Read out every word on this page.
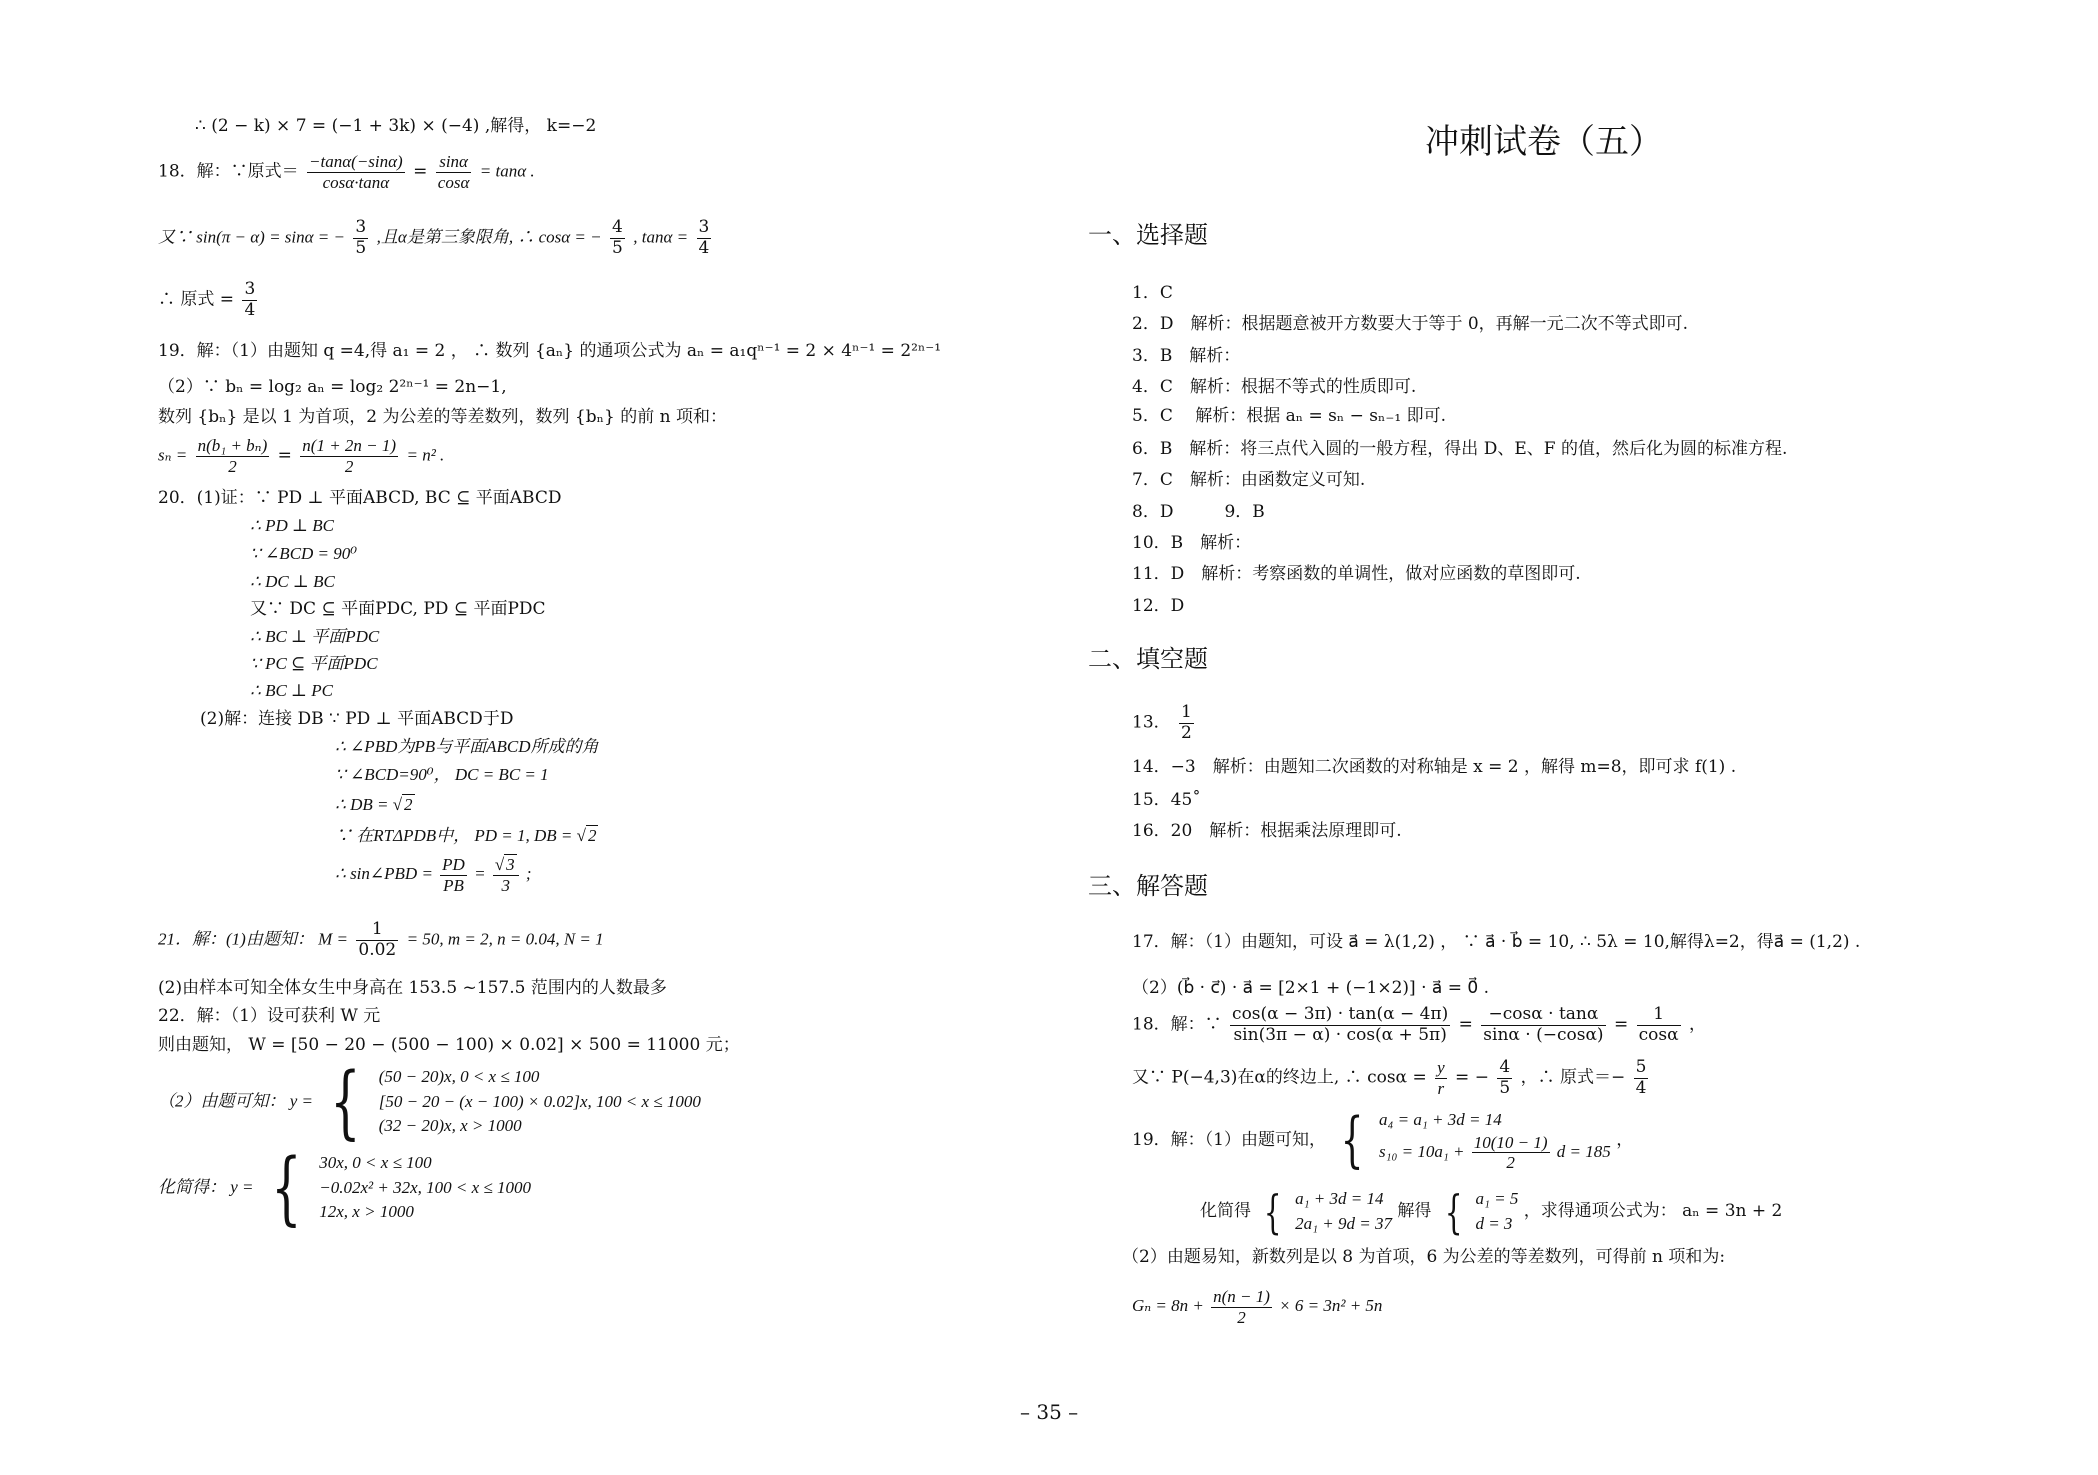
∴ (2 − k) × 7 = (−1 + 3k) × (−4) ,解得， k=−2
18．解：∵原式＝ $\frac{-\tan\alpha(-\sin\alpha)}{\cos\alpha\cdot\tan\alpha} = \frac{\sin\alpha}{\cos\alpha} = \tan\alpha$ .
又∵ sin(π − α) = sinα = − $\frac{3}{5}$ ,且α是第三象限角, ∴ cosα = − $\frac{4}{5}$ , $\tan\alpha = \frac{3}{4}$
∴ 原式 = $\frac{3}{4}$
19．解：（1）由题知 q =4,得 a₁ = 2 ， ∴ 数列 {aₙ} 的通项公式为 aₙ = a₁qⁿ⁻¹ = 2 × 4ⁿ⁻¹ = 2²ⁿ⁻¹
（2）∵ bₙ = log₂ aₙ = log₂ 2²ⁿ⁻¹ = 2n−1,
数列 {bₙ} 是以 1 为首项，2 为公差的等差数列，数列 {bₙ} 的前 n 项和：
$s_n = \frac{\text{n(b₁ + bₙ)}}{2} = \frac{n(1 + 2n - 1)}{2} = n^2$ .
20．(1)证：∵ PD ⊥ 平面ABCD, BC ⊆ 平面ABCD
∴ PD ⊥ BC
∵ ∠BCD = 90⁰
∴ DC ⊥ BC
又∵ DC ⊆ 平面PDC, PD ⊆ 平面PDC
∴ BC ⊥ 平面PDC
∵ PC ⊆ 平面PDC
∴ BC ⊥ PC
(2)解：连接 DB ∵ PD ⊥ 平面ABCD于D
∴ ∠PBD为PB与平面ABCD所成的角
∵ ∠BCD=90⁰， DC = BC = 1
∴ DB = √ 2
∵ 在RTΔPDB中， PD = 1, DB = √ 2
∴ sin∠PBD = $\frac{PD}{PB} = \frac{√ 3}{3}$ ;
21．解：(1)由题知： $M = \frac{1}{0.02} = 50$, m = 2, n = 0.04, N = 1
(2)由样本可知全体女生中身高在 153.5 ~157.5 范围内的人数最多
22．解：（1）设可获利 W 元
则由题知， W = [50 − 20 − (500 − 100) × 0.02] × 500 = 11000 元；
（2）由题可知： y = { (50 − 20)x, 0 < x ≤ 100
[50 − 20 − (x − 100) × 0.02]x, 100 < x ≤ 1000
(32 − 20)x, x > 1000
化简得： y = { 30x, 0 < x ≤ 100
−0.02x² + 32x, 100 < x ≤ 1000
12x, x > 1000
冲刺试卷（五）
一、选择题
1．C
2．D　解析：根据题意被开方数要大于等于 0，再解一元二次不等式即可.
3．B　解析：
4．C　解析：根据不等式的性质即可.
5．C　 解析：根据 aₙ = sₙ − sₙ₋₁ 即可.
6．B　解析：将三点代入圆的一般方程，得出 D、E、F 的值，然后化为圆的标准方程.
7．C　解析：由函数定义可知.
8．D　　　9．B
10．B　解析：
11．D　解析：考察函数的单调性，做对应函数的草图即可.
12．D
二、填空题
13． $\frac{1}{2}$
14．−3　解析：由题知二次函数的对称轴是 x = 2 ，解得 m=8，即可求 f(1) .
15．45˚
16．20　解析：根据乘法原理即可.
三、解答题
17．解：（1）由题知，可设 a⃗ = λ(1,2) ， ∵ a⃗ · b⃗ = 10, ∴ 5λ = 10,解得λ=2，得a⃗ = (1,2) .
（2）(b⃗ · c⃗) · a⃗ = [2×1 + (−1×2)] · a⃗ = 0⃗ .
18．解：∵ $\frac{\cos(\alpha - 3\pi) \cdot \tan(\alpha - 4\pi)}{\sin(3\pi - \alpha) \cdot \cos(\alpha + 5\pi)} = \frac{-\cos\alpha \cdot \tan\alpha}{\sin\alpha \cdot (-\cos\alpha)} = \frac{1}{\cos\alpha}$ ，
又∵ P(−4,3)在α的终边上, ∴ $\cos\alpha = \frac{y}{r}$ = − $\frac{4}{5}$ ，∴ 原式＝− $\frac{5}{4}$
19．解：（1）由题可知， { a₄ = a₁ + 3d = 14
$s_{10} = 10a_1 + \frac{10(10 - 1)}{2}$ d = 185
，
化简得 { a₁ + 3d = 14
2a₁ + 9d = 37
解得 { a₁ = 5
d = 3
，求得通项公式为： aₙ = 3n + 2
（2）由题易知，新数列是以 8 为首项，6 为公差的等差数列，可得前 n 项和为:
$G_n = 8n + \frac{n(n - 1)}{2} \times 6 = 3n^2 + 5n$
– 35 –
